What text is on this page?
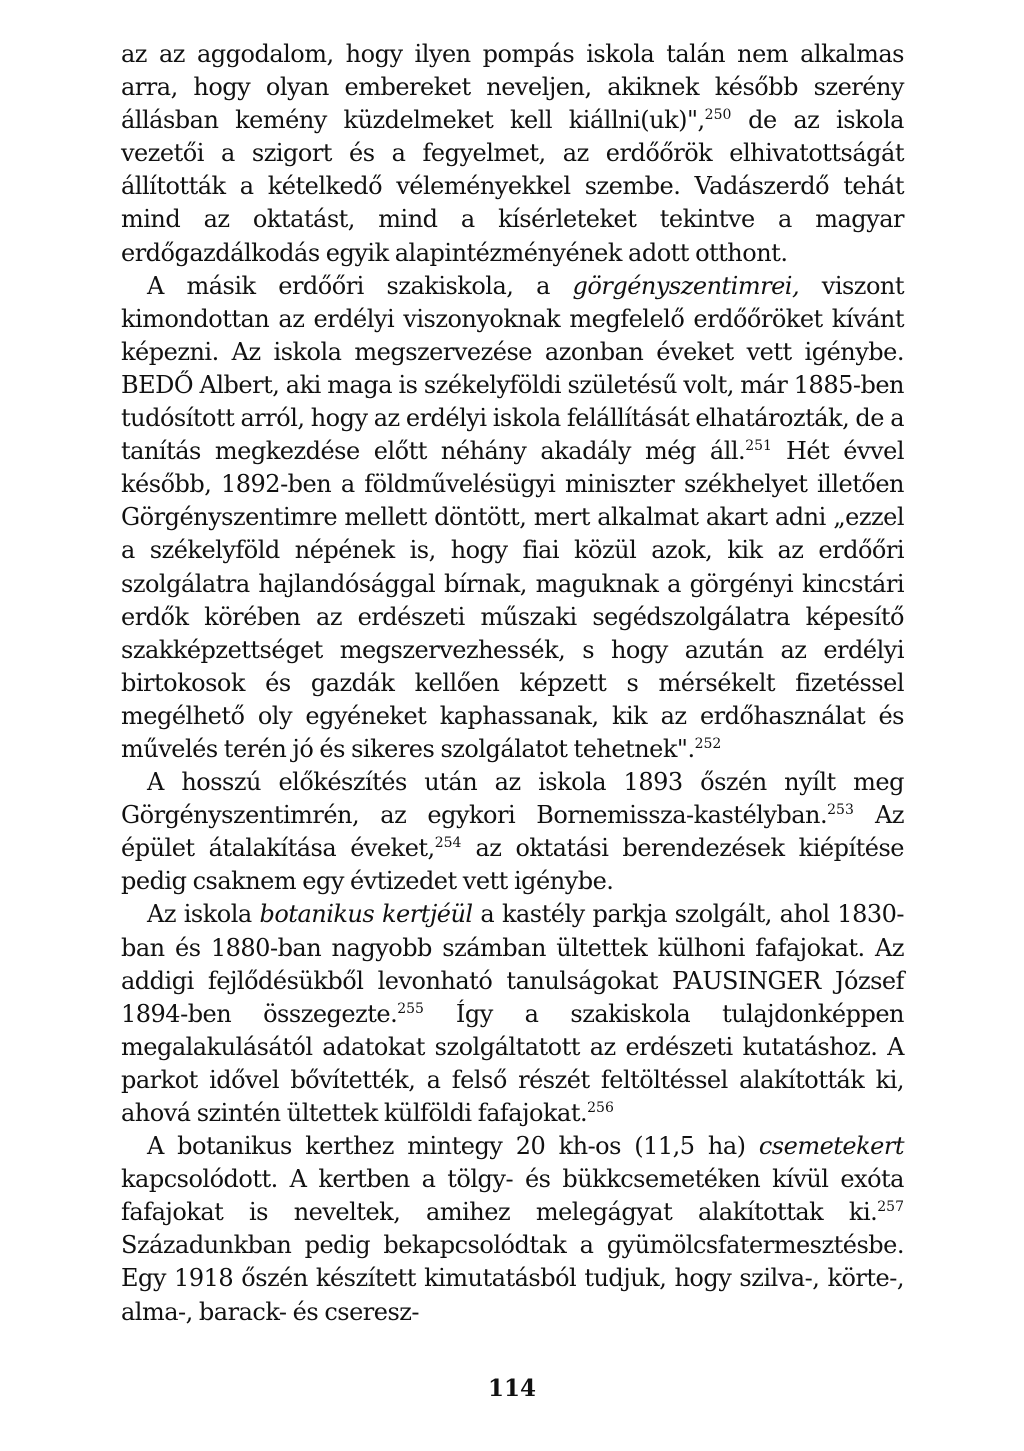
az az aggodalom, hogy ilyen pompás iskola talán nem alkalmas arra, hogy olyan embereket neveljen, akiknek később szerény állásban kemény küzdelmeket kell kiállni(uk)",$^{250}$ de az iskola vezetői a szigort és a fegyelmet, az erdőőrök elhivatottságát állították a kételkedő véleményekkel szembe. Vadászerdő tehát mind az oktatást, mind a kísérleteket tekintve a magyar erdőgazdálkodás egyik alapintézményének adott otthont.

A másik erdőőri szakiskola, a görgényszentimrei, viszont kimondottan az erdélyi viszonyoknak megfelelő erdőőröket kívánt képezni. Az iskola megszervezése azonban éveket vett igénybe. BEDŐ Albert, aki maga is székelyföldi születésű volt, már 1885-ben tudósított arról, hogy az erdélyi iskola felállítását elhatározták, de a tanítás megkezdése előtt néhány akadály még áll.$^{251}$ Hét évvel később, 1892-ben a földművelésügyi miniszter székhelyet illetően Görgényszentimre mellett döntött, mert alkalmat akart adni „ezzel a székelyföld népének is, hogy fiai közül azok, kik az erdőőri szolgálatra hajlandósággal bírnak, maguknak a görgényi kincstári erdők körében az erdészeti műszaki segédszolgálatra képesítő szakképzettséget megszervezhessék, s hogy azután az erdélyi birtokosok és gazdák kellően képzett s mérsékelt fizetéssel megélhető oly egyéneket kaphassanak, kik az erdőhasználat és művelés terén jó és sikeres szolgálatot tehetnek".$^{252}$

A hosszú előkészítés után az iskola 1893 őszén nyílt meg Görgényszentimrén, az egykori Bornemissza-kastélyban.$^{253}$ Az épület átalakítása éveket,$^{254}$ az oktatási berendezések kiépítése pedig csaknem egy évtizedet vett igénybe.

Az iskola botanikus kertjéül a kastély parkja szolgált, ahol 1830-ban és 1880-ban nagyobb számban ültettek külhoni fafajokat. Az addigi fejlődésükből levonható tanulságokat PAUSINGER József 1894-ben összegezte.$^{255}$ Így a szakiskola tulajdonképpen megalakulásától adatokat szolgáltatott az erdészeti kutatáshoz. A parkot idővel bővítették, a felső részét feltöltéssel alakították ki, ahová szintén ültettek külföldi fafajokat.$^{256}$

A botanikus kerthez mintegy 20 kh-os (11,5 ha) csemetekert kapcsolódott. A kertben a tölgy- és bükkcsemetéken kívül exóta fafajokat is neveltek, amihez melegágyat alakítottak ki.$^{257}$ Századunkban pedig bekapcsolódtak a gyümölcsfatermesztésbe. Egy 1918 őszén készített kimutatásból tudjuk, hogy szilva-, körte-, alma-, barack- és cseresz-

114
